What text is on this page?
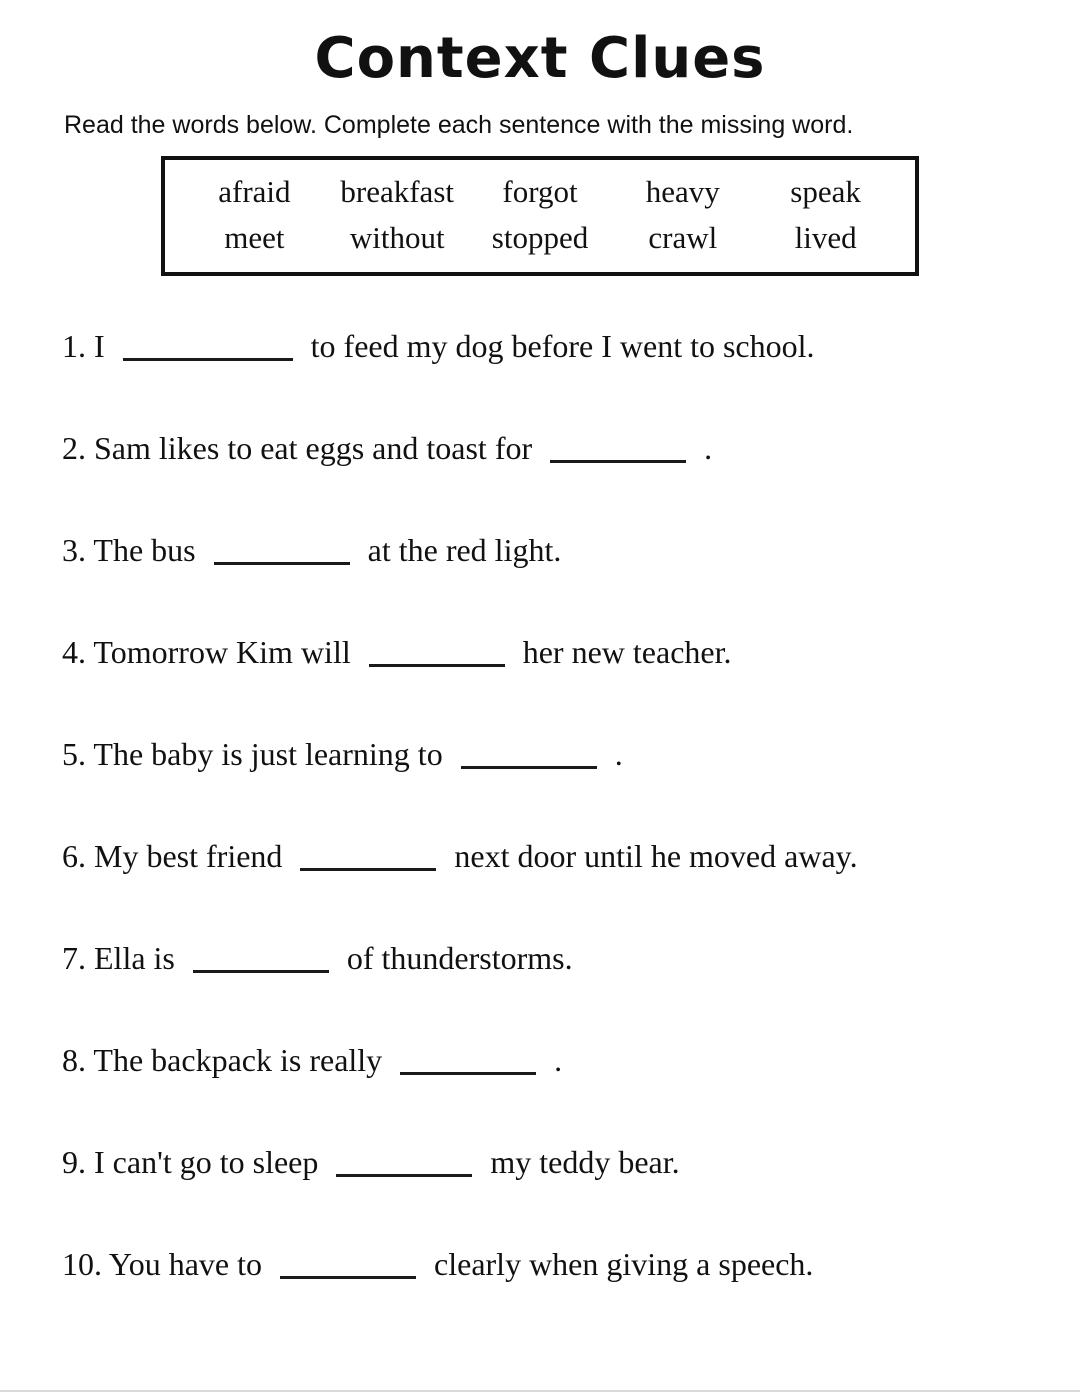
Context Clues

Read the words below. Complete each sentence with the missing word.

afraid	breakfast	forgot	heavy	speak
meet	without	stopped	crawl	lived
1. I	to feed my dog before I went to school.
2. Sam likes to eat eggs and toast for	.
3. The bus	at the red light.
4. Tomorrow Kim will	her new teacher.
5. The baby is just learning to	.
6. My best friend	next door until he moved away.
7. Ella is	of thunderstorms.
8. The backpack is really	.
9. I can't go to sleep	my teddy bear.
10. You have to	clearly when giving a speech.
